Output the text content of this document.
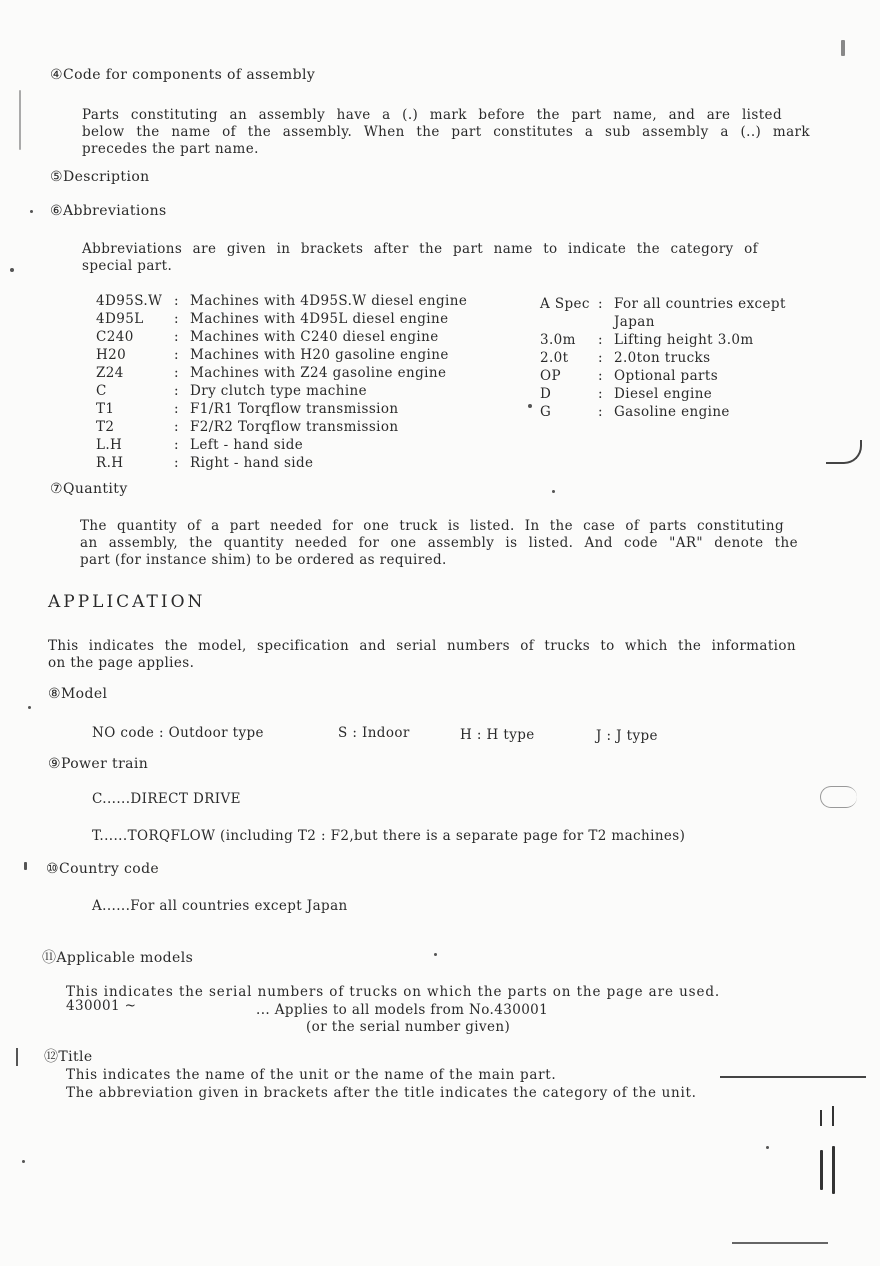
④Code for components of assembly
Parts constituting an assembly have a (.) mark before the part name, and are listed
below the name of the assembly. When the part constitutes a sub assembly a (..) mark
precedes the part name.
⑤Description
⑥Abbreviations
Abbreviations are given in brackets after the part name to indicate the category of
special part.
4D95S.W	:	Machines with 4D95S.W diesel engine
4D95L	:	Machines with 4D95L diesel engine
C240	:	Machines with C240 diesel engine
H20	:	Machines with H20 gasoline engine
Z24	:	Machines with Z24 gasoline engine
C	:	Dry clutch type machine
T1	:	F1/R1 Torqflow transmission
T2	:	F2/R2 Torqflow transmission
L.H	:	Left - hand side
R.H	:	Right - hand side
A Spec	:	For all countries except
		Japan
3.0m	:	Lifting height 3.0m
2.0t	:	2.0ton trucks
OP	:	Optional parts
D	:	Diesel engine
G	:	Gasoline engine
⑦Quantity
The quantity of a part needed for one truck is listed. In the case of parts constituting
an assembly, the quantity needed for one assembly is listed. And code "AR" denote the
part (for instance shim) to be ordered as required.
APPLICATION
This indicates the model, specification and serial numbers of trucks to which the information
on the page applies.
⑧Model
NO code : Outdoor type	S : Indoor	H : H type	J : J type
⑨Power train
C......DIRECT DRIVE
T......TORQFLOW (including T2 : F2,but there is a separate page for T2 machines)
⑩Country code
A......For all countries except Japan
⑪Applicable models
This indicates the serial numbers of trucks on which the parts on the page are used.
430001 ~	... Applies to all models from No.430001
(or the serial number given)
⑫Title
This indicates the name of the unit or the name of the main part.
The abbreviation given in brackets after the title indicates the category of the unit.
